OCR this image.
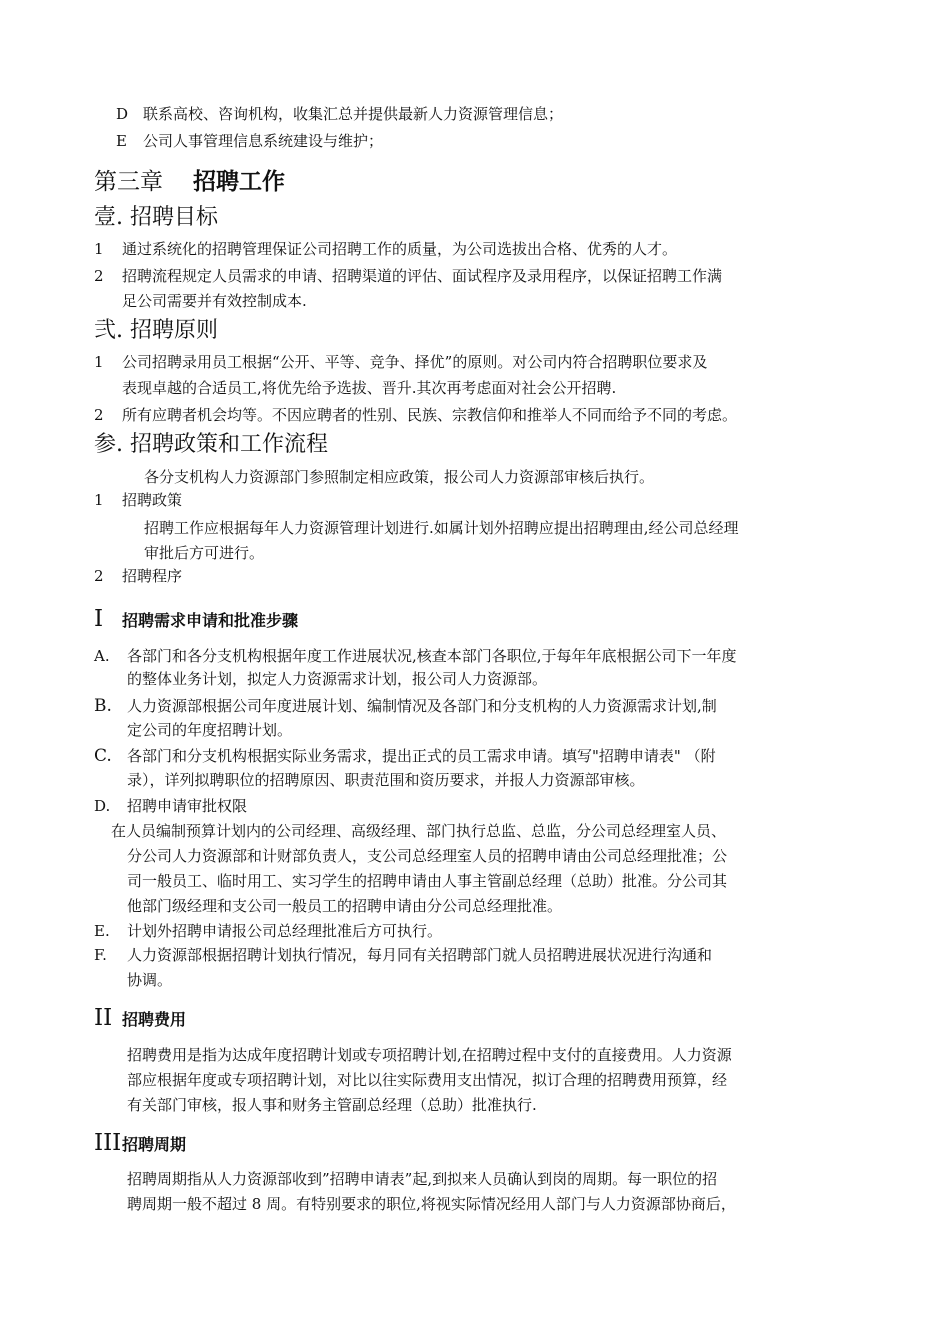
D 联系高校、咨询机构，收集汇总并提供最新人力资源管理信息；
E 公司人事管理信息系统建设与维护；
第三章 招聘工作
壹. 招聘目标
1 通过系统化的招聘管理保证公司招聘工作的质量，为公司选拔出合格、优秀的人才。
2 招聘流程规定人员需求的申请、招聘渠道的评估、面试程序及录用程序，以保证招聘工作满
足公司需要并有效控制成本.
弐. 招聘原则
1 公司招聘录用员工根据“公开、平等、竞争、择优”的原则。对公司内符合招聘职位要求及
表现卓越的合适员工,将优先给予选拔、晋升.其次再考虑面对社会公开招聘.
2 所有应聘者机会均等。不因应聘者的性别、民族、宗教信仰和推举人不同而给予不同的考虑。
参. 招聘政策和工作流程
各分支机构人力资源部门参照制定相应政策，报公司人力资源部审核后执行。
1 招聘政策
招聘工作应根据每年人力资源管理计划进行.如属计划外招聘应提出招聘理由,经公司总经理
审批后方可进行。
2 招聘程序
I 招聘需求申请和批准步骤
A. 各部门和各分支机构根据年度工作进展状况,核查本部门各职位,于每年年底根据公司下一年度
的整体业务计划，拟定人力资源需求计划，报公司人力资源部。
B. 人力资源部根据公司年度进展计划、编制情况及各部门和分支机构的人力资源需求计划,制
定公司的年度招聘计划。
C. 各部门和分支机构根据实际业务需求，提出正式的员工需求申请。填写"招聘申请表" （附
录），详列拟聘职位的招聘原因、职责范围和资历要求，并报人力资源部审核。
D. 招聘申请审批权限
在人员编制预算计划内的公司经理、高级经理、部门执行总监、总监，分公司总经理室人员、
分公司人力资源部和计财部负责人，支公司总经理室人员的招聘申请由公司总经理批准；公
司一般员工、临时用工、实习学生的招聘申请由人事主管副总经理（总助）批准。分公司其
他部门级经理和支公司一般员工的招聘申请由分公司总经理批准。
E. 计划外招聘申请报公司总经理批准后方可执行。
F. 人力资源部根据招聘计划执行情况，每月同有关招聘部门就人员招聘进展状况进行沟通和
协调。
II 招聘费用
招聘费用是指为达成年度招聘计划或专项招聘计划,在招聘过程中支付的直接费用。人力资源
部应根据年度或专项招聘计划，对比以往实际费用支出情况，拟订合理的招聘费用预算，经
有关部门审核，报人事和财务主管副总经理（总助）批准执行.
III招聘周期
招聘周期指从人力资源部收到”招聘申请表”起,到拟来人员确认到岗的周期。每一职位的招
聘周期一般不超过 8 周。有特别要求的职位,将视实际情况经用人部门与人力资源部协商后，
